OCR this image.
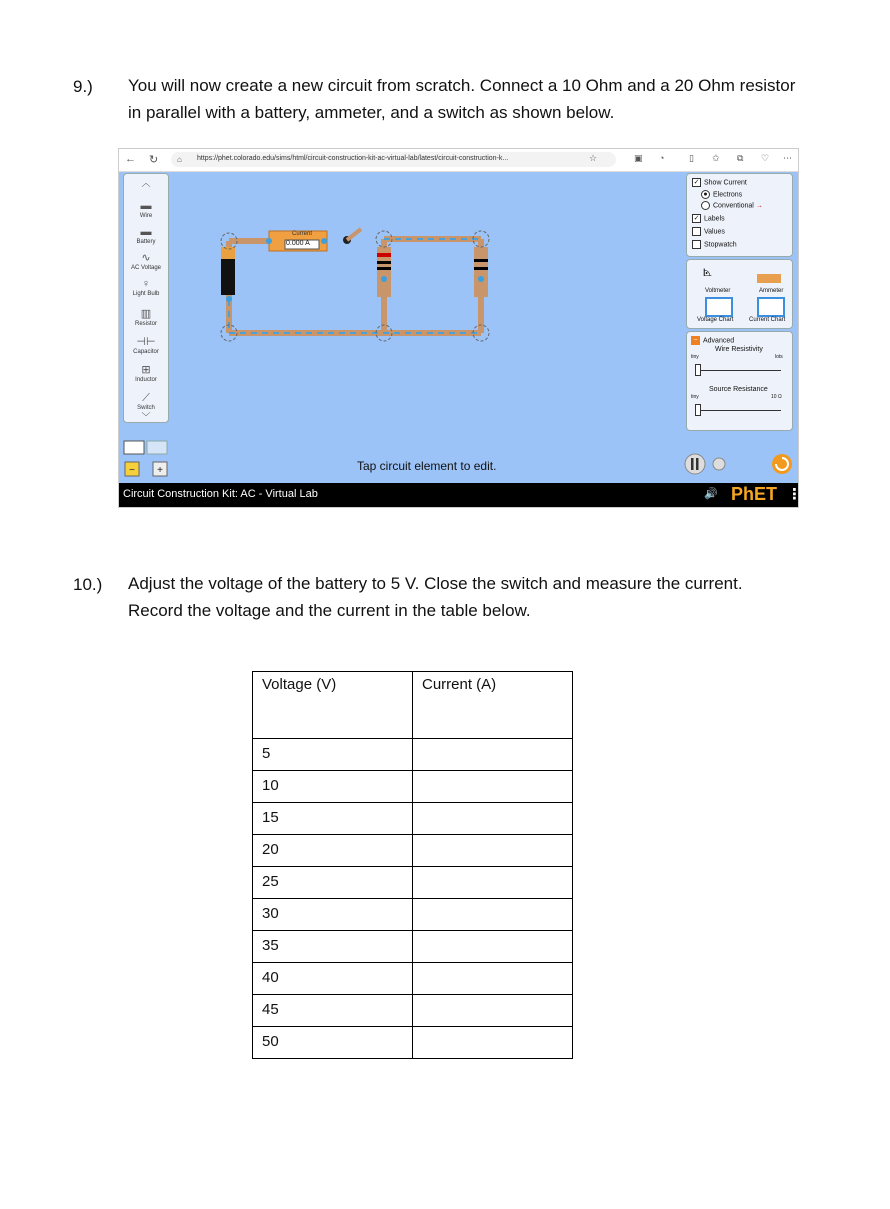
9.) You will now create a new circuit from scratch. Connect a 10 Ohm and a 20 Ohm resistor
in parallel with a battery, ammeter, and a switch as shown below.
← ↻ ⌂ https://phet.colorado.edu/sims/html/circuit-construction-kit-ac-virtual-lab/latest/circuit-construction-k...	☆	▣ ◔	▯ ✩ ⧉ ♡ ⋯
− +
Current
0.000 A
︿
▬
Wire
▬
Battery
∿
AC Voltage
♀
Light Bulb
▥
Resistor
⊣⊢
Capacitor
⊞
Inductor
⟋
Switch
﹀
✓ Show Current
● Electrons
Conventional →
✓ Labels
Values
Stopwatch
⦝
Voltmeter	Ammeter
Voltage Chart	Current Chart
− Advanced
Wire Resistivity
tiny	lots
Source Resistance
tiny	10 Ω
Tap circuit element to edit.
Circuit Construction Kit: AC - Virtual Lab	🔊 PhET ⋮
10.) Adjust the voltage of the battery to 5 V. Close the switch and measure the current.
Record the voltage and the current in the table below.
Voltage (V)	Current (A)
5	
10	
15	
20	
25	
30	
35	
40	
45	
50	
